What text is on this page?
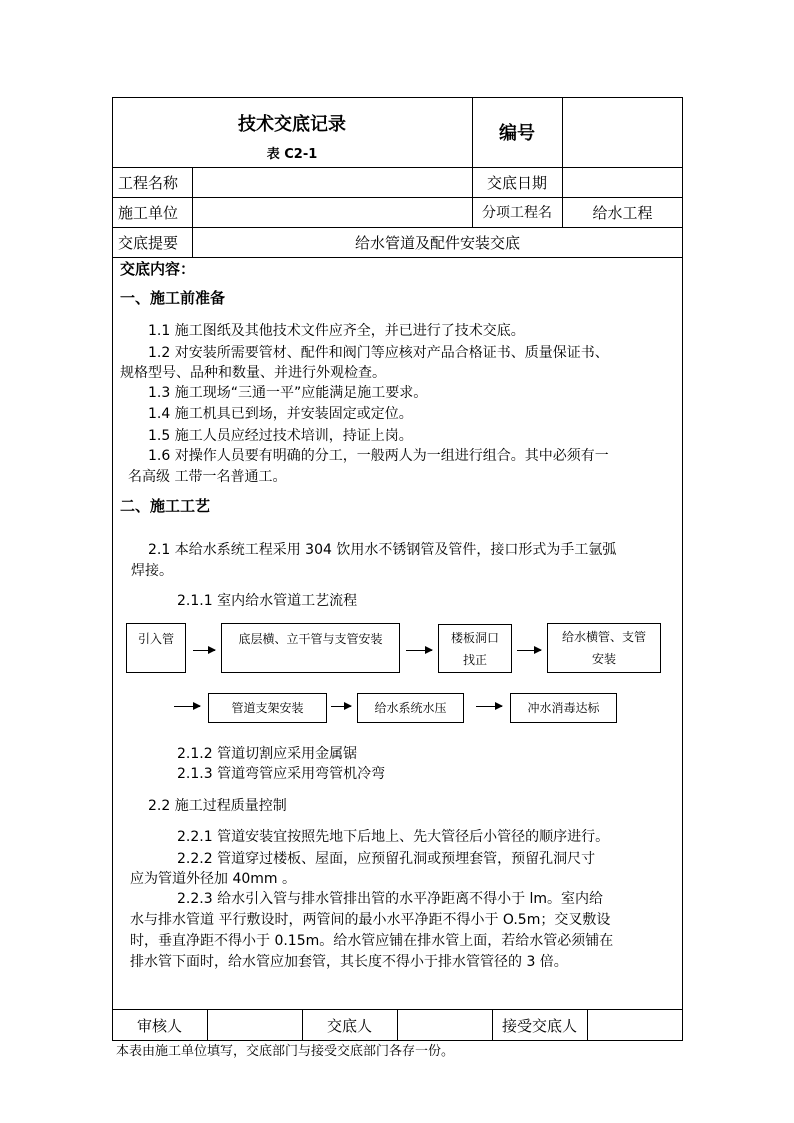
技术交底记录
表 C2-1
编号
工程名称	交底日期
施工单位	分项工程名	给水工程
交底提要	给水管道及配件安装交底
交底内容：
一、施工前准备
1.1 施工图纸及其他技术文件应齐全，并已进行了技术交底。
1.2 对安装所需要管材、配件和阀门等应核对产品合格证书、质量保证书、
规格型号、品种和数量、并进行外观检查。
1.3 施工现场“三通一平”应能满足施工要求。
1.4 施工机具已到场，并安装固定或定位。
1.5 施工人员应经过技术培训，持证上岗。
1.6 对操作人员要有明确的分工，一般两人为一组进行组合。其中必须有一
名高级 工带一名普通工。
二、施工工艺
2.1 本给水系统工程采用 304 饮用水不锈钢管及管件，接口形式为手工氩弧
焊接。
2.1.1 室内给水管道工艺流程
引入管	底层横、立干管与支管安装	楼板洞口
找正
给水横管、支管
安装
管道支架安装	给水系统水压	冲水消毒达标
2.1.2 管道切割应采用金属锯
2.1.3 管道弯管应采用弯管机冷弯
2.2 施工过程质量控制
2.2.1 管道安装宜按照先地下后地上、先大管径后小管径的顺序进行。
2.2.2 管道穿过楼板、屋面，应预留孔洞或预埋套管，预留孔洞尺寸
应为管道外径加 40mm 。
2.2.3 给水引入管与排水管排出管的水平净距离不得小于 lm。室内给
水与排水管道 平行敷设时，两管间的最小水平净距不得小于 O.5m；交叉敷设
时，垂直净距不得小于 0.15m。给水管应铺在排水管上面，若给水管必须铺在
排水管下面时，给水管应加套管，其长度不得小于排水管管径的 3 倍。
审核人	交底人	接受交底人
本表由施工单位填写，交底部门与接受交底部门各存一份。
